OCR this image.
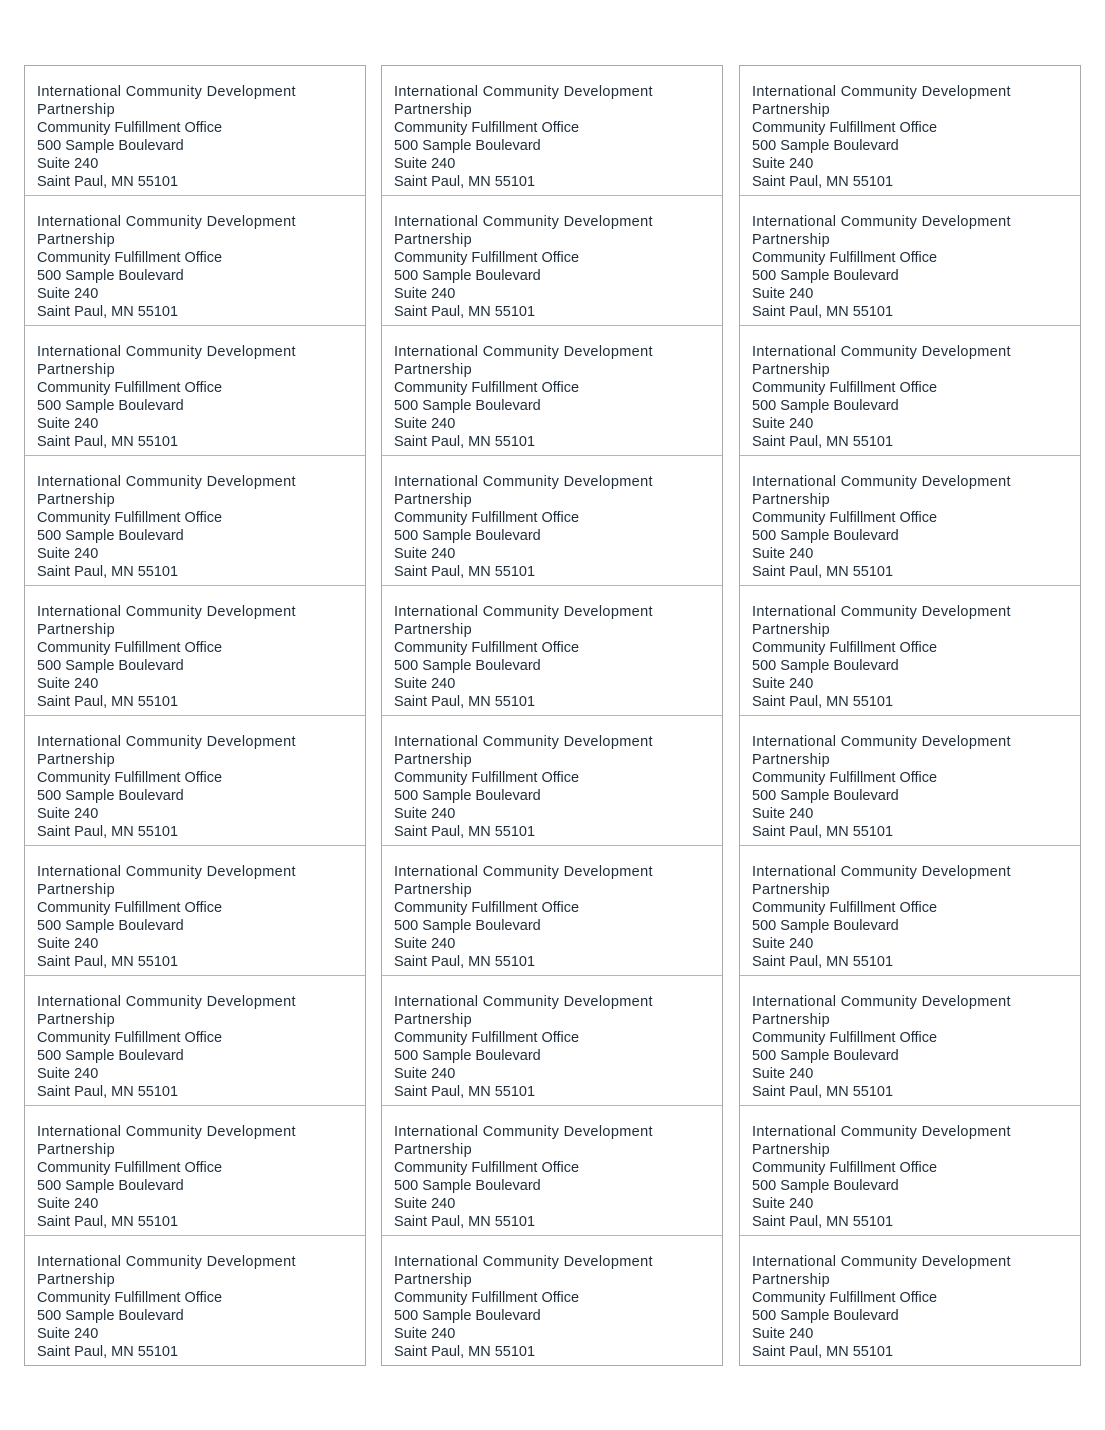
International Community Development Partnership
Community Fulfillment Office
500 Sample Boulevard
Suite 240
Saint Paul, MN 55101
International Community Development Partnership
Community Fulfillment Office
500 Sample Boulevard
Suite 240
Saint Paul, MN 55101
International Community Development Partnership
Community Fulfillment Office
500 Sample Boulevard
Suite 240
Saint Paul, MN 55101
International Community Development Partnership
Community Fulfillment Office
500 Sample Boulevard
Suite 240
Saint Paul, MN 55101
International Community Development Partnership
Community Fulfillment Office
500 Sample Boulevard
Suite 240
Saint Paul, MN 55101
International Community Development Partnership
Community Fulfillment Office
500 Sample Boulevard
Suite 240
Saint Paul, MN 55101
International Community Development Partnership
Community Fulfillment Office
500 Sample Boulevard
Suite 240
Saint Paul, MN 55101
International Community Development Partnership
Community Fulfillment Office
500 Sample Boulevard
Suite 240
Saint Paul, MN 55101
International Community Development Partnership
Community Fulfillment Office
500 Sample Boulevard
Suite 240
Saint Paul, MN 55101
International Community Development Partnership
Community Fulfillment Office
500 Sample Boulevard
Suite 240
Saint Paul, MN 55101
International Community Development Partnership
Community Fulfillment Office
500 Sample Boulevard
Suite 240
Saint Paul, MN 55101
International Community Development Partnership
Community Fulfillment Office
500 Sample Boulevard
Suite 240
Saint Paul, MN 55101
International Community Development Partnership
Community Fulfillment Office
500 Sample Boulevard
Suite 240
Saint Paul, MN 55101
International Community Development Partnership
Community Fulfillment Office
500 Sample Boulevard
Suite 240
Saint Paul, MN 55101
International Community Development Partnership
Community Fulfillment Office
500 Sample Boulevard
Suite 240
Saint Paul, MN 55101
International Community Development Partnership
Community Fulfillment Office
500 Sample Boulevard
Suite 240
Saint Paul, MN 55101
International Community Development Partnership
Community Fulfillment Office
500 Sample Boulevard
Suite 240
Saint Paul, MN 55101
International Community Development Partnership
Community Fulfillment Office
500 Sample Boulevard
Suite 240
Saint Paul, MN 55101
International Community Development Partnership
Community Fulfillment Office
500 Sample Boulevard
Suite 240
Saint Paul, MN 55101
International Community Development Partnership
Community Fulfillment Office
500 Sample Boulevard
Suite 240
Saint Paul, MN 55101
International Community Development Partnership
Community Fulfillment Office
500 Sample Boulevard
Suite 240
Saint Paul, MN 55101
International Community Development Partnership
Community Fulfillment Office
500 Sample Boulevard
Suite 240
Saint Paul, MN 55101
International Community Development Partnership
Community Fulfillment Office
500 Sample Boulevard
Suite 240
Saint Paul, MN 55101
International Community Development Partnership
Community Fulfillment Office
500 Sample Boulevard
Suite 240
Saint Paul, MN 55101
International Community Development Partnership
Community Fulfillment Office
500 Sample Boulevard
Suite 240
Saint Paul, MN 55101
International Community Development Partnership
Community Fulfillment Office
500 Sample Boulevard
Suite 240
Saint Paul, MN 55101
International Community Development Partnership
Community Fulfillment Office
500 Sample Boulevard
Suite 240
Saint Paul, MN 55101
International Community Development Partnership
Community Fulfillment Office
500 Sample Boulevard
Suite 240
Saint Paul, MN 55101
International Community Development Partnership
Community Fulfillment Office
500 Sample Boulevard
Suite 240
Saint Paul, MN 55101
International Community Development Partnership
Community Fulfillment Office
500 Sample Boulevard
Suite 240
Saint Paul, MN 55101
